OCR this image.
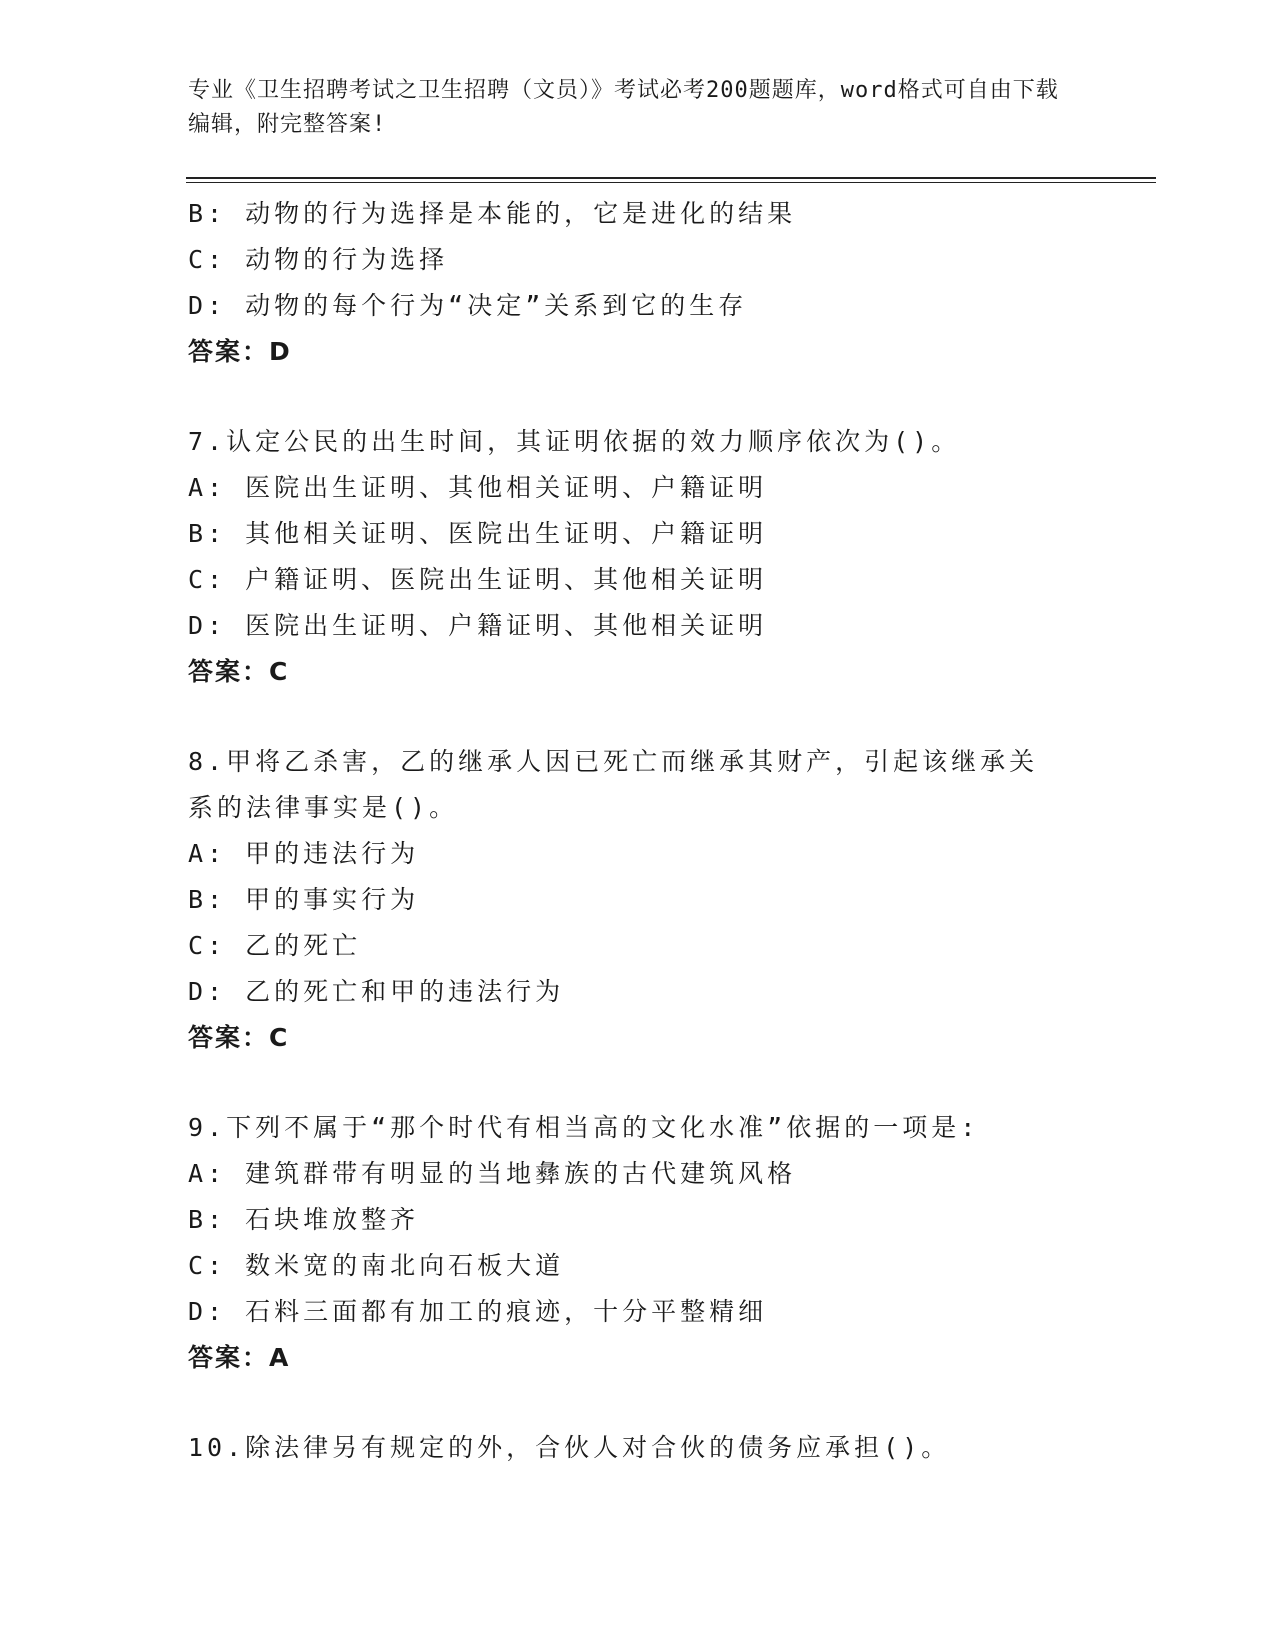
专业《卫生招聘考试之卫生招聘（文员）》考试必考200题题库，word格式可自由下载编辑，附完整答案!
B: 动物的行为选择是本能的，它是进化的结果
C: 动物的行为选择
D: 动物的每个行为“决定”关系到它的生存
答案：D
7.认定公民的出生时间，其证明依据的效力顺序依次为()。
A: 医院出生证明、其他相关证明、户籍证明
B: 其他相关证明、医院出生证明、户籍证明
C: 户籍证明、医院出生证明、其他相关证明
D: 医院出生证明、户籍证明、其他相关证明
答案：C
8.甲将乙杀害，乙的继承人因已死亡而继承其财产，引起该继承关系的法律事实是()。
A: 甲的违法行为
B: 甲的事实行为
C: 乙的死亡
D: 乙的死亡和甲的违法行为
答案：C
9.下列不属于“那个时代有相当高的文化水准”依据的一项是:
A: 建筑群带有明显的当地彝族的古代建筑风格
B: 石块堆放整齐
C: 数米宽的南北向石板大道
D: 石料三面都有加工的痕迹，十分平整精细
答案：A
10.除法律另有规定的外，合伙人对合伙的债务应承担()。
